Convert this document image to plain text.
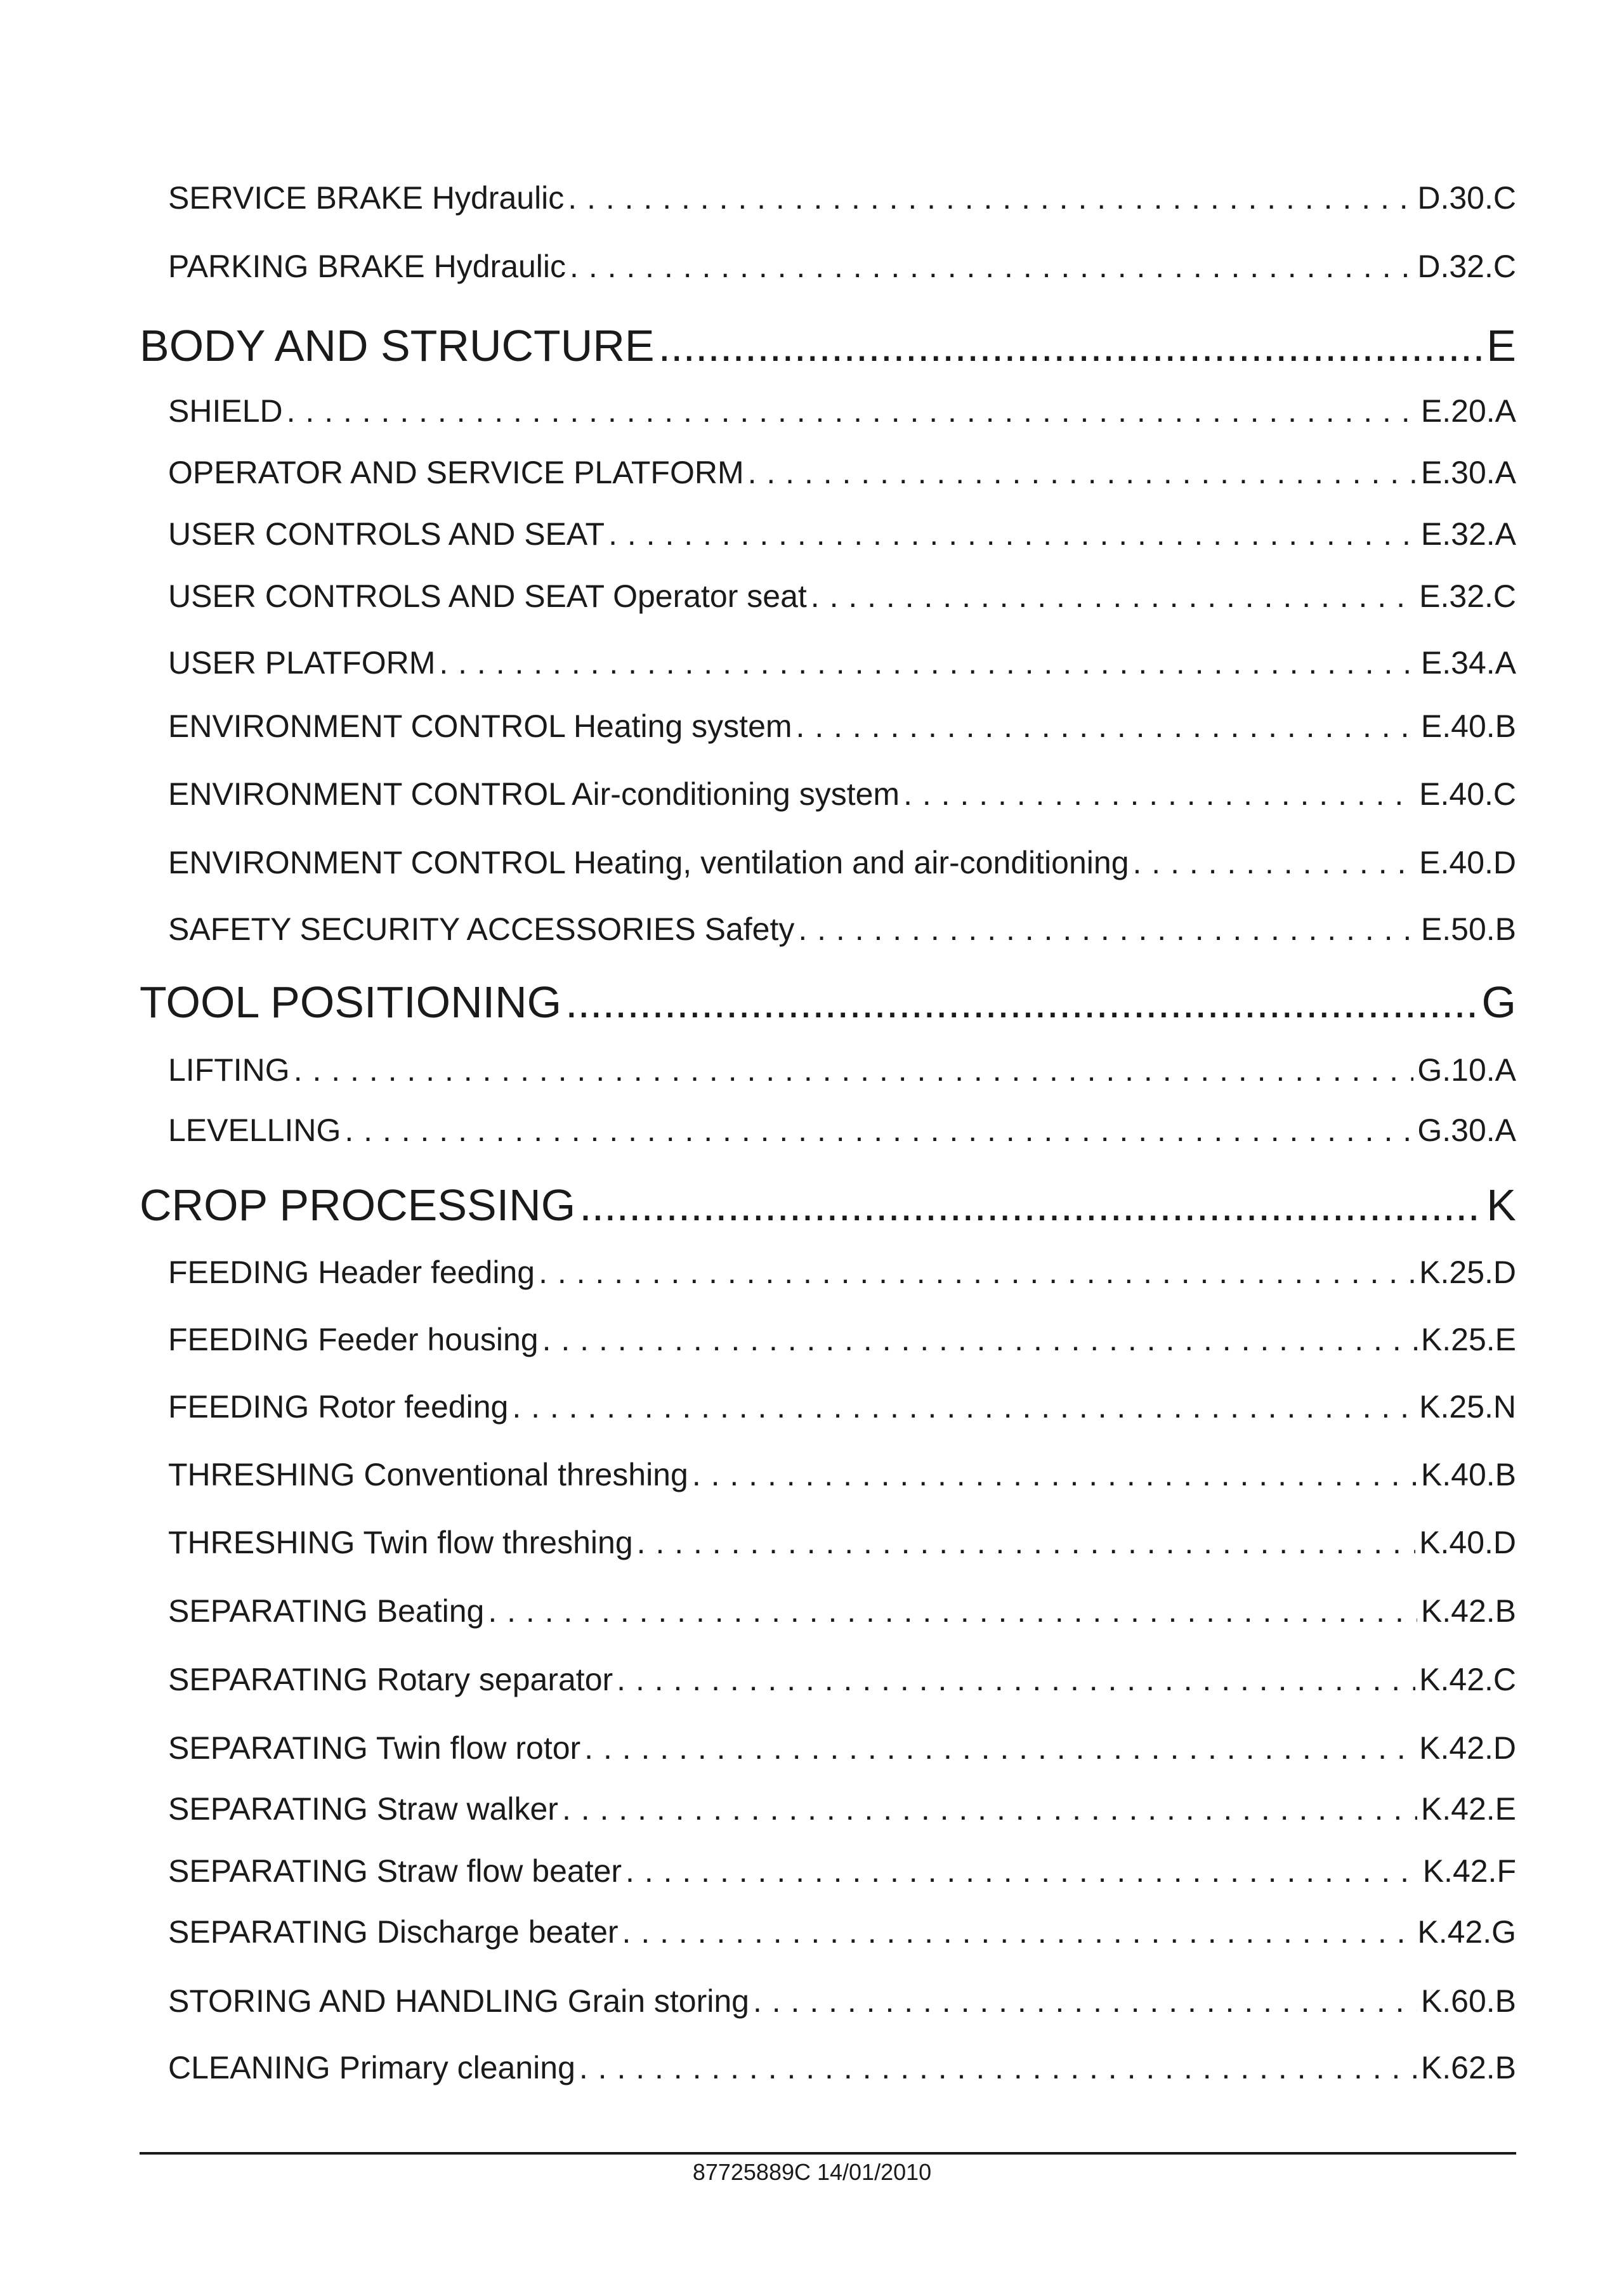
SERVICE BRAKE Hydraulic . . .	D.30.C
PARKING BRAKE Hydraulic . . .	D.32.C
BODY AND STRUCTURE .....	E
SHIELD . . .	E.20.A
OPERATOR AND SERVICE PLATFORM . . .	E.30.A
USER CONTROLS AND SEAT . . .	E.32.A
USER CONTROLS AND SEAT Operator seat . . .	E.32.C
USER PLATFORM . . .	E.34.A
ENVIRONMENT CONTROL Heating system . . .	E.40.B
ENVIRONMENT CONTROL Air-conditioning system . . .	E.40.C
ENVIRONMENT CONTROL Heating, ventilation and air-conditioning . . .	E.40.D
SAFETY SECURITY ACCESSORIES Safety . . .	E.50.B
TOOL POSITIONING .....	G
LIFTING . . .	G.10.A
LEVELLING . . .	G.30.A
CROP PROCESSING .....	K
FEEDING Header feeding . . .	K.25.D
FEEDING Feeder housing . . .	K.25.E
FEEDING Rotor feeding . . .	K.25.N
THRESHING Conventional threshing . . .	K.40.B
THRESHING Twin flow threshing . . .	K.40.D
SEPARATING Beating . . .	K.42.B
SEPARATING Rotary separator . . .	K.42.C
SEPARATING Twin flow rotor . . .	K.42.D
SEPARATING Straw walker . . .	K.42.E
SEPARATING Straw flow beater . . .	K.42.F
SEPARATING Discharge beater . . .	K.42.G
STORING AND HANDLING Grain storing . . .	K.60.B
CLEANING Primary cleaning . . .	K.62.B
87725889C 14/01/2010
